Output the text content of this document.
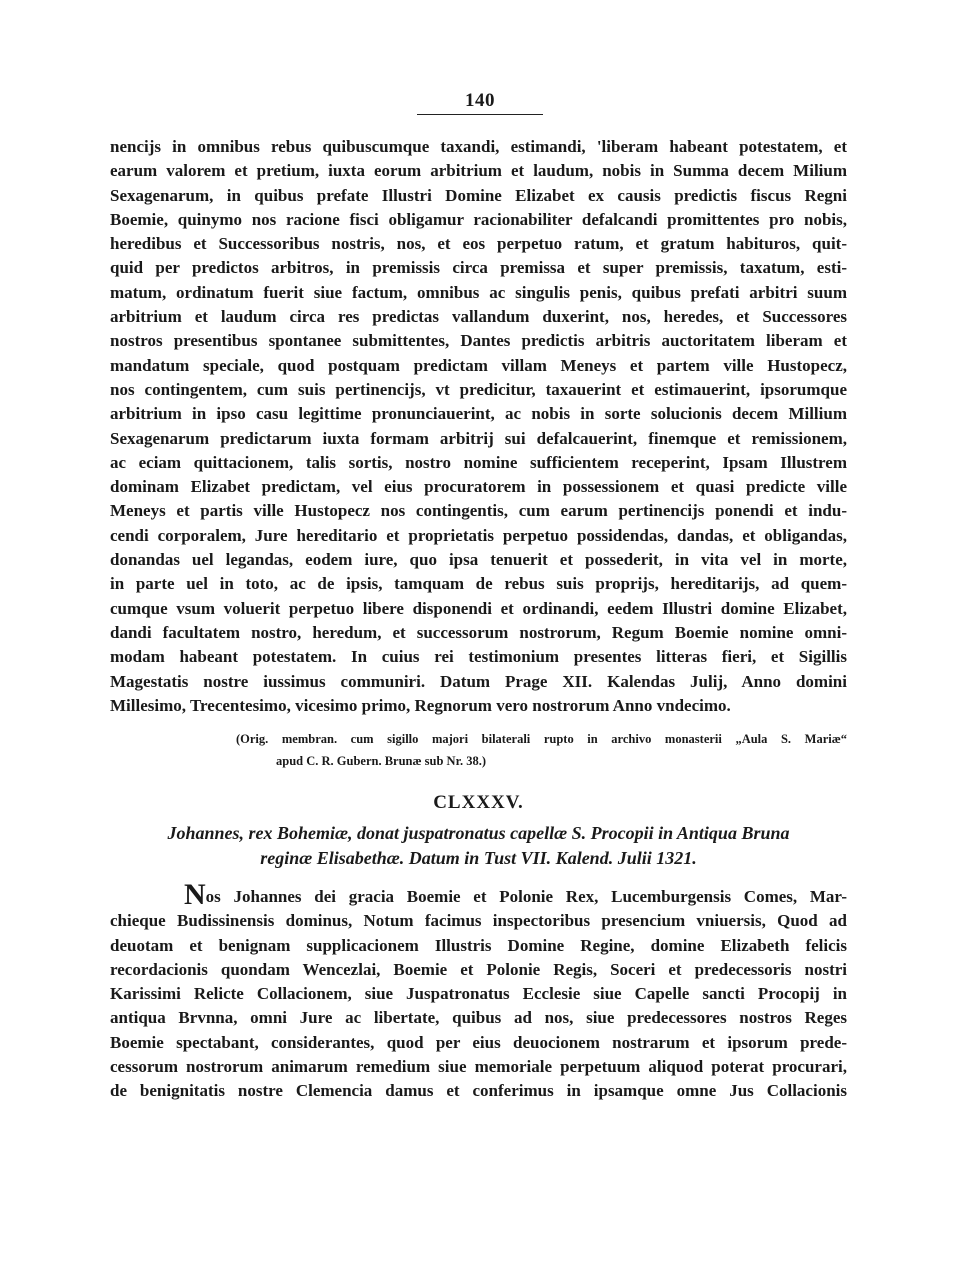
140
nencijs in omnibus rebus quibuscumque taxandi, estimandi, 'liberam habeant potestatem, et
earum valorem et pretium, iuxta eorum arbitrium et laudum, nobis in Summa decem Milium
Sexagenarum, in quibus prefate Illustri Domine Elizabet ex causis predictis fiscus Regni
Boemie, quinymo nos racione fisci obligamur racionabiliter defalcandi promittentes pro nobis,
heredibus et Successoribus nostris, nos, et eos perpetuo ratum, et gratum habituros, quit-
quid per predictos arbitros, in premissis circa premissa et super premissis, taxatum, esti-
matum, ordinatum fuerit siue factum, omnibus ac singulis penis, quibus prefati arbitri suum
arbitrium et laudum circa res predictas vallandum duxerint, nos, heredes, et Successores
nostros presentibus spontanee submittentes, Dantes predictis arbitris auctoritatem liberam et
mandatum speciale, quod postquam predictam villam Meneys et partem ville Hustopecz,
nos contingentem, cum suis pertinencijs, vt predicitur, taxauerint et estimauerint, ipsorumque
arbitrium in ipso casu legittime pronunciauerint, ac nobis in sorte solucionis decem Millium
Sexagenarum predictarum iuxta formam arbitrij sui defalcauerint, finemque et remissionem,
ac eciam quittacionem, talis sortis, nostro nomine sufficientem receperint, Ipsam Illustrem
dominam Elizabet predictam, vel eius procuratorem in possessionem et quasi predicte ville
Meneys et partis ville Hustopecz nos contingentis, cum earum pertinencijs ponendi et indu-
cendi corporalem, Jure hereditario et proprietatis perpetuo possidendas, dandas, et obligandas,
donandas uel legandas, eodem iure, quo ipsa tenuerit et possederit, in vita vel in morte,
in parte uel in toto, ac de ipsis, tamquam de rebus suis proprijs, hereditarijs, ad quem-
cumque vsum voluerit perpetuo libere disponendi et ordinandi, eedem Illustri domine Elizabet,
dandi facultatem nostro, heredum, et successorum nostrorum, Regum Boemie nomine omni-
modam habeant potestatem. In cuius rei testimonium presentes litteras fieri, et Sigillis
Magestatis nostre iussimus communiri. Datum Prage XII. Kalendas Julij, Anno domini
Millesimo, Trecentesimo, vicesimo primo, Regnorum vero nostrorum Anno vndecimo.
(Orig. membran. cum sigillo majori bilaterali rupto in archivo monasterii „Aula S. Mariæ“
apud C. R. Gubern. Brunæ sub Nr. 38.)
CLXXXV.
Johannes, rex Bohemiæ, donat juspatronatus capellæ S. Procopii in Antiqua Bruna
reginæ Elisabethæ. Datum in Tust VII. Kalend. Julii 1321.
Nos Johannes dei gracia Boemie et Polonie Rex, Lucemburgensis Comes, Mar-
chieque Budissinensis dominus, Notum facimus inspectoribus presencium vniuersis, Quod ad
deuotam et benignam supplicacionem Illustris Domine Regine, domine Elizabeth felicis
recordacionis quondam Wencezlai, Boemie et Polonie Regis, Soceri et predecessoris nostri
Karissimi Relicte Collacionem, siue Juspatronatus Ecclesie siue Capelle sancti Procopij in
antiqua Brvnna, omni Jure ac libertate, quibus ad nos, siue predecessores nostros Reges
Boemie spectabant, considerantes, quod per eius deuocionem nostrarum et ipsorum prede-
cessorum nostrorum animarum remedium siue memoriale perpetuum aliquod poterat procurari,
de benignitatis nostre Clemencia damus et conferimus in ipsamque omne Jus Collacionis
